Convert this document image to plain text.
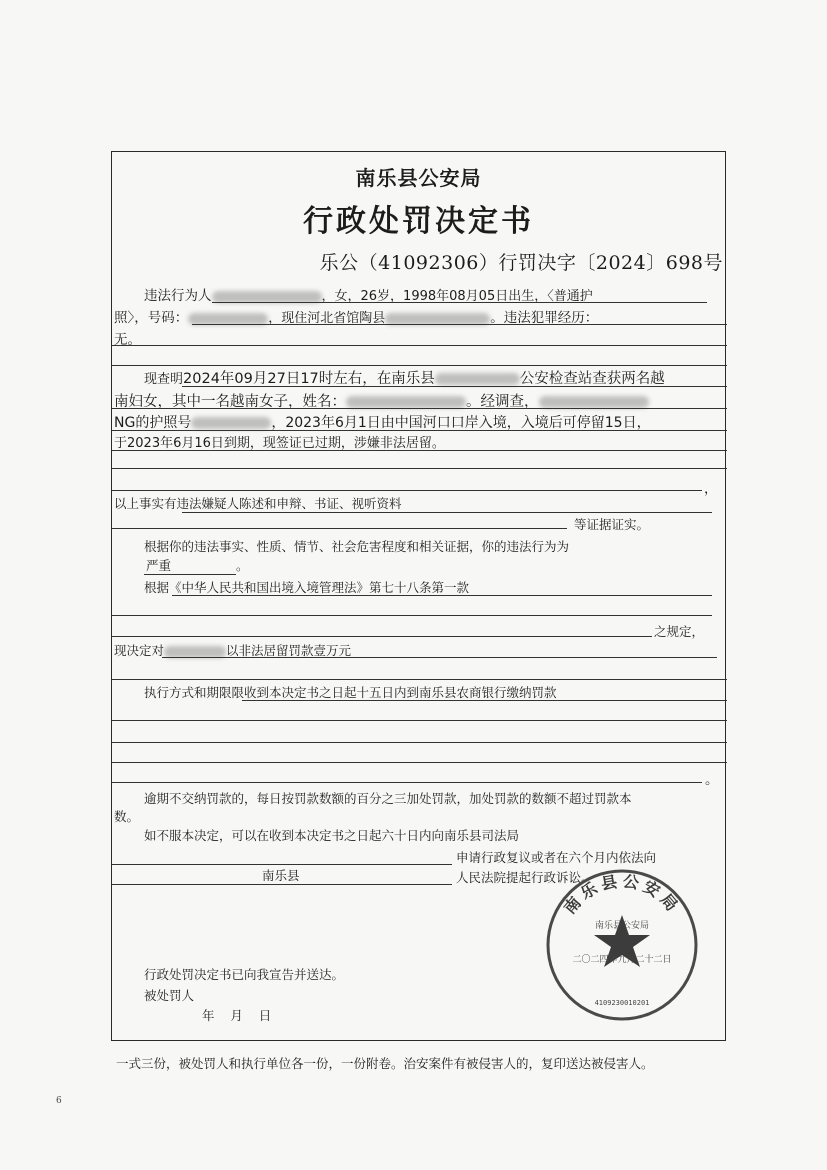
南乐县公安局
行政处罚决定书
乐公（41092306）行罚决字〔2024〕698号
违法行为人	，女，26岁，1998年08月05日出生，〈普通护
照〉，号码：	，现住河北省馆陶县	。违法犯罪经历：
无。
现查明2024年09月27日17时左右，在南乐县	公安检查站查获两名越
南妇女，其中一名越南女子，姓名：	。经调查，
NG的护照号	，2023年6月1日由中国河口口岸入境，入境后可停留15日，
于2023年6月16日到期，现签证已过期，涉嫌非法居留。
，
以上事实有违法嫌疑人陈述和申辩、书证、视听资料
等证据证实。
根据你的违法事实、性质、情节、社会危害程度和相关证据，你的违法行为为
严重	。
根据《中华人民共和国出境入境管理法》第七十八条第一款
之规定，
现决定对	以非法居留罚款壹万元
执行方式和期限限收到本决定书之日起十五日内到南乐县农商银行缴纳罚款
。
逾期不交纳罚款的，每日按罚款数额的百分之三加处罚款，加处罚款的数额不超过罚款本
数。
如不服本决定，可以在收到本决定书之日起六十日内向南乐县司法局
申请行政复议或者在六个月内依法向
南乐县	人民法院提起行政诉讼。
南乐县公安局
南乐县公安局
二〇二四年九月二十二日
4109230010201
行政处罚决定书已向我宣告并送达。
被处罚人
年    月    日
一式三份，被处罚人和执行单位各一份，一份附卷。治安案件有被侵害人的，复印送达被侵害人。
6
